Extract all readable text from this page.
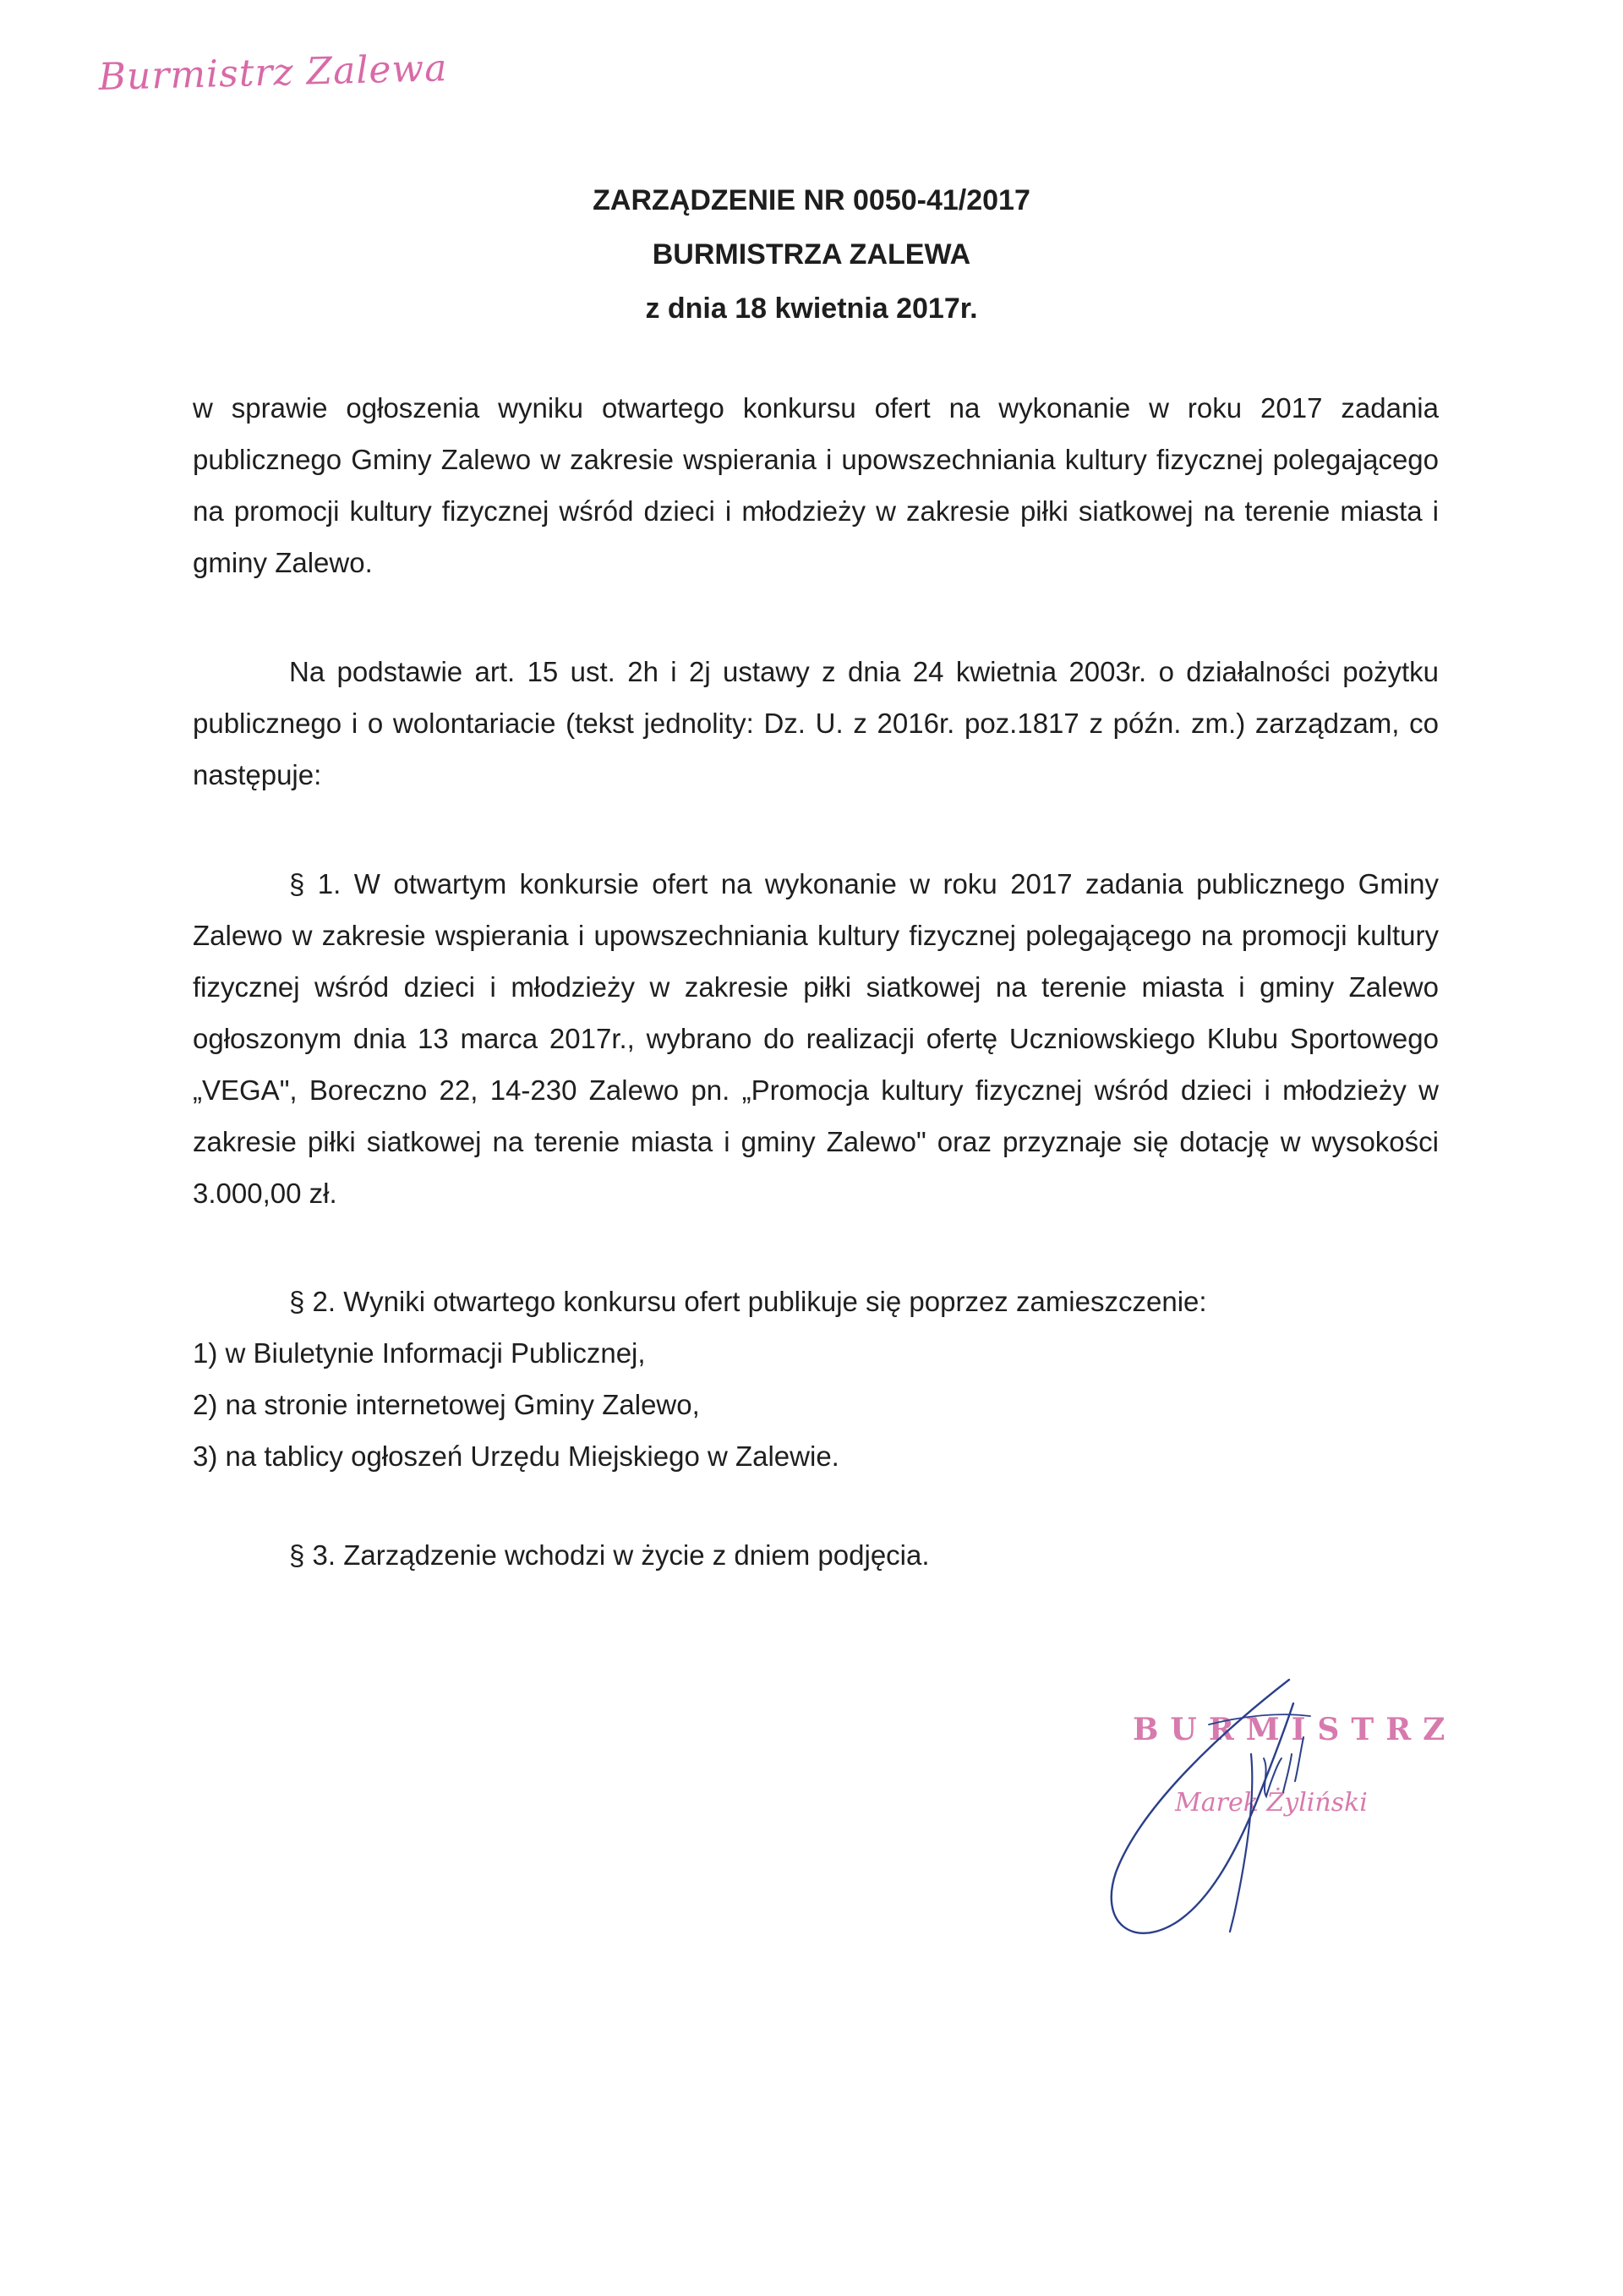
Burmistrz Zalewa
ZARZĄDZENIE NR 0050-41/2017
BURMISTRZA ZALEWA
z dnia 18 kwietnia 2017r.
w sprawie ogłoszenia wyniku otwartego konkursu ofert na wykonanie w roku 2017 zadania publicznego Gminy Zalewo w zakresie wspierania i upowszechniania kultury fizycznej polegającego na promocji kultury fizycznej wśród dzieci i młodzieży w zakresie piłki siatkowej na terenie miasta i gminy Zalewo.
Na podstawie art. 15 ust. 2h i 2j ustawy z dnia 24 kwietnia 2003r. o działalności pożytku publicznego i o wolontariacie (tekst jednolity: Dz. U. z 2016r. poz.1817 z późn. zm.) zarządzam, co następuje:
§ 1. W otwartym konkursie ofert na wykonanie w roku 2017 zadania publicznego Gminy Zalewo w zakresie wspierania i upowszechniania kultury fizycznej polegającego na promocji kultury fizycznej wśród dzieci i młodzieży w zakresie piłki siatkowej na terenie miasta i gminy Zalewo ogłoszonym dnia 13 marca 2017r., wybrano do realizacji ofertę Uczniowskiego Klubu Sportowego „VEGA", Boreczno 22, 14-230 Zalewo pn. „Promocja kultury fizycznej wśród dzieci i młodzieży w zakresie piłki siatkowej na terenie miasta i gminy Zalewo" oraz przyznaje się dotację w wysokości 3.000,00 zł.
§ 2. Wyniki otwartego konkursu ofert publikuje się poprzez zamieszczenie:
1) w Biuletynie Informacji Publicznej,
2) na stronie internetowej Gminy Zalewo,
3) na tablicy ogłoszeń Urzędu Miejskiego w Zalewie.
§ 3. Zarządzenie wchodzi w życie z dniem podjęcia.
BURMISTRZ
Marek Żyliński
